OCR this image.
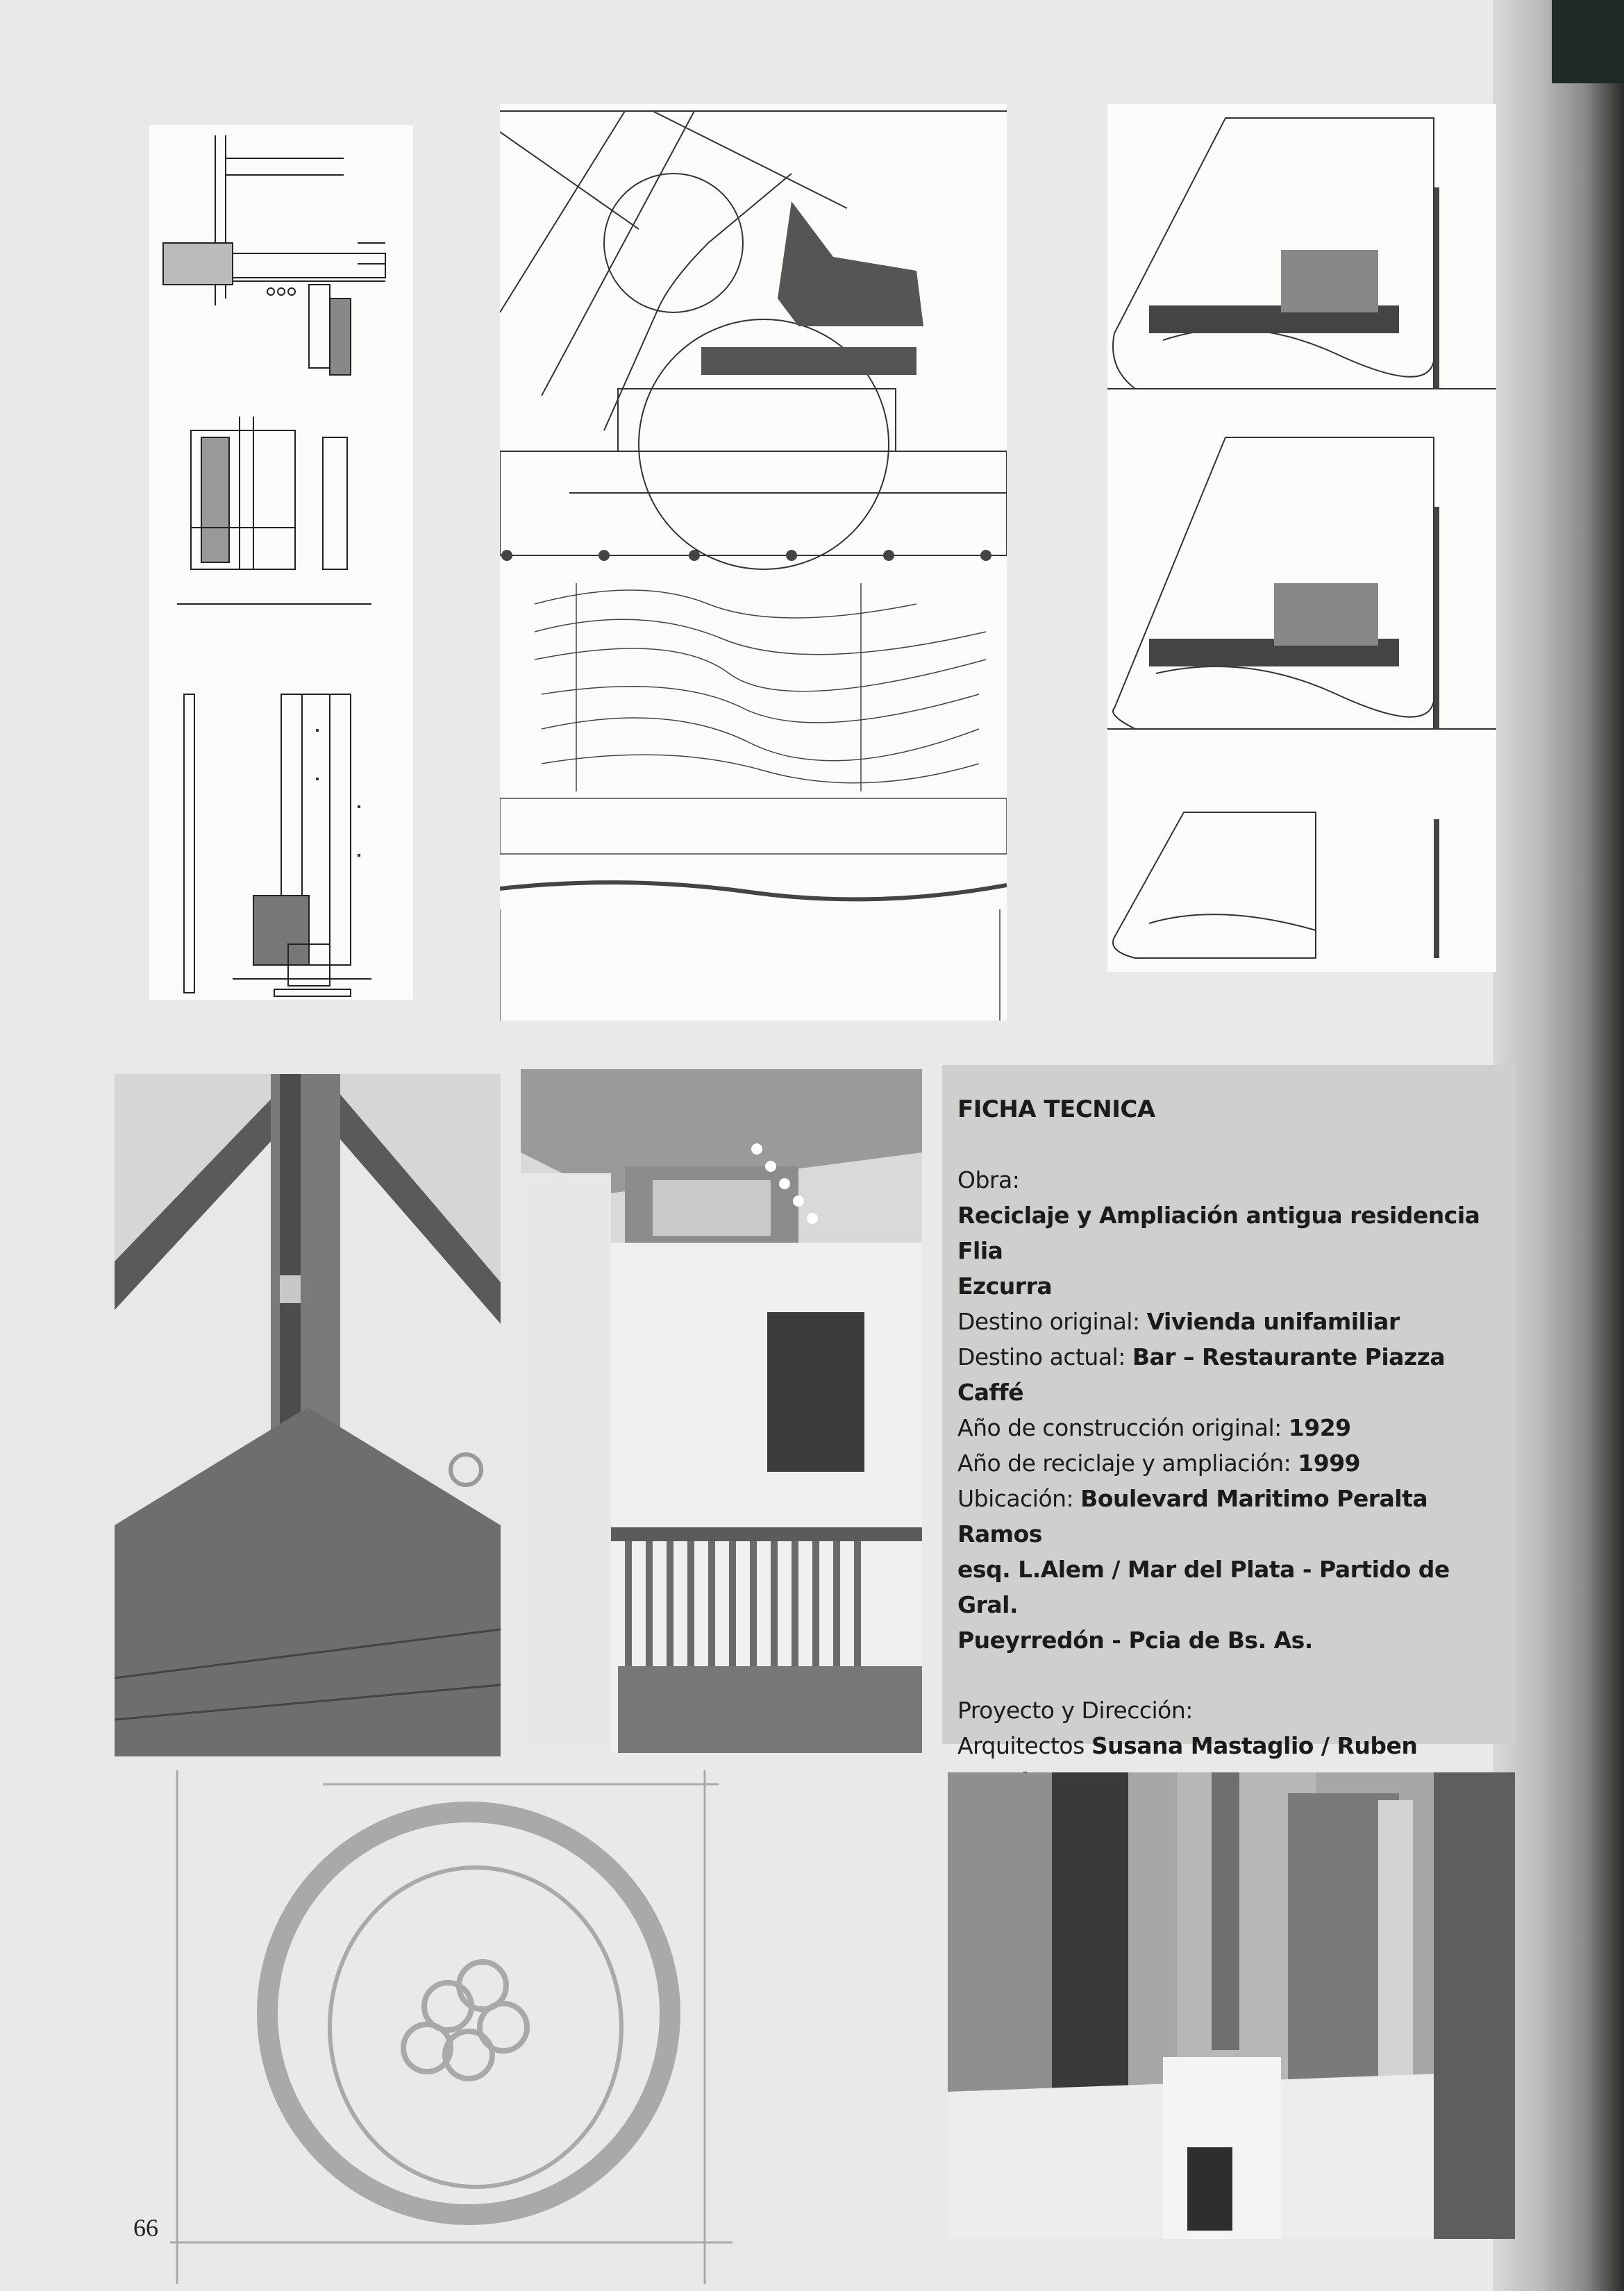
FICHA TECNICA
Obra:
Reciclaje y Ampliación antigua residencia Flia
Ezcurra
Destino original: Vivienda unifamiliar
Destino actual: Bar – Restaurante Piazza Caffé
Año de construcción original: 1929
Año de reciclaje y ampliación: 1999
Ubicación: Boulevard Maritimo Peralta Ramos
esq. L.Alem / Mar del Plata - Partido de Gral.
Pueyrredón - Pcia de Bs. As.
Proyecto y Dirección:
Arquitectos Susana Mastaglio / Ruben
66
